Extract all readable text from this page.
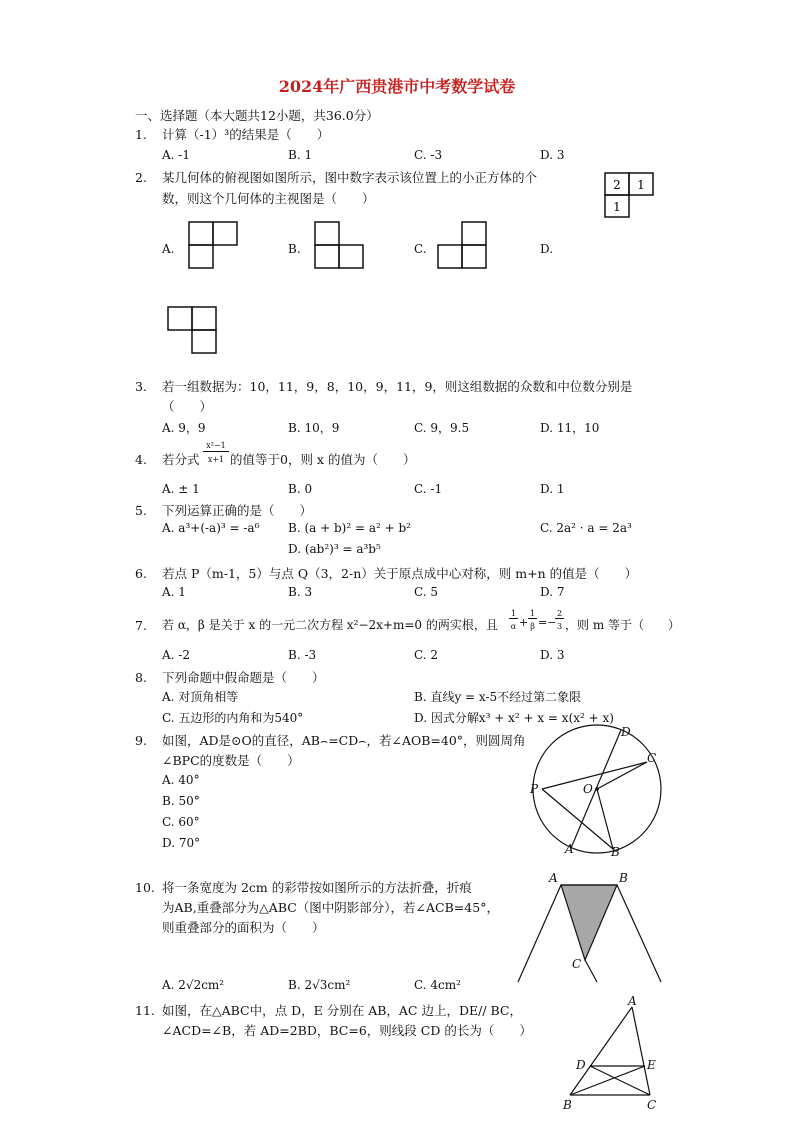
2024年广西贵港市中考数学试卷
一、选择题（本大题共12小题，共36.0分）
1. 计算（-1）³的结果是（　　）
A. -1	B. 1	C. -3	D. 3
2. 某几何体的俯视图如图所示，图中数字表示该位置上的小正方体的个
数，则这个几何体的主视图是（　　）
2 1
1
A.	B.	C.	D.
3. 若一组数据为：10，11，9，8，10，9，11，9，则这组数据的众数和中位数分别是
（　　）
A. 9，9	B. 10，9	C. 9，9.5	D. 11，10
4. 若分式
x²−1
x+1 的值等于0，则 x 的值为（　　）
A. ± 1	B. 0	C. -1	D. 1
5. 下列运算正确的是（　　）
A. a³+(-a)³ = -a⁶ B. (a + b)² = a² + b²	C. 2a² · a = 2a³
D. (ab²)³ = a³b⁵
6. 若点 P（m-1，5）与点 Q（3，2-n）关于原点成中心对称，则 m+n 的值是（　　）
A. 1	B. 3	C. 5	D. 7
7. 若 α，β 是关于 x 的一元二次方程 x²−2x+m=0 的两实根，且
1
α +
1
β =−
2
3 ，则 m 等于（　　）
A. -2	B. -3	C. 2	D. 3
8. 下列命题中假命题是（　　）
A. 对顶角相等	B. 直线y = x-5不经过第二象限
C. 五边形的内角和为540°	D. 因式分解x³ + x² + x = x(x² + x)
9. 如图，AD是⊙O的直径，AB⌢=CD⌢，若∠AOB=40°，则圆周角
∠BPC的度数是（　　）
A. 40°
B. 50°
C. 60°
D. 70°
D
C
P	O
A	B
10. 将一条宽度为 2cm 的彩带按如图所示的方法折叠，折痕
为AB,重叠部分为△ABC（图中阴影部分），若∠ACB=45°，
则重叠部分的面积为（　　）
A. 2√2cm²	B. 2√3cm²	C. 4cm²
A	B
C
11. 如图，在△ABC中，点 D，E 分别在 AB，AC 边上，DE// BC，
∠ACD=∠B，若 AD=2BD，BC=6，则线段 CD 的长为（　　）
A
D	E
B	C
